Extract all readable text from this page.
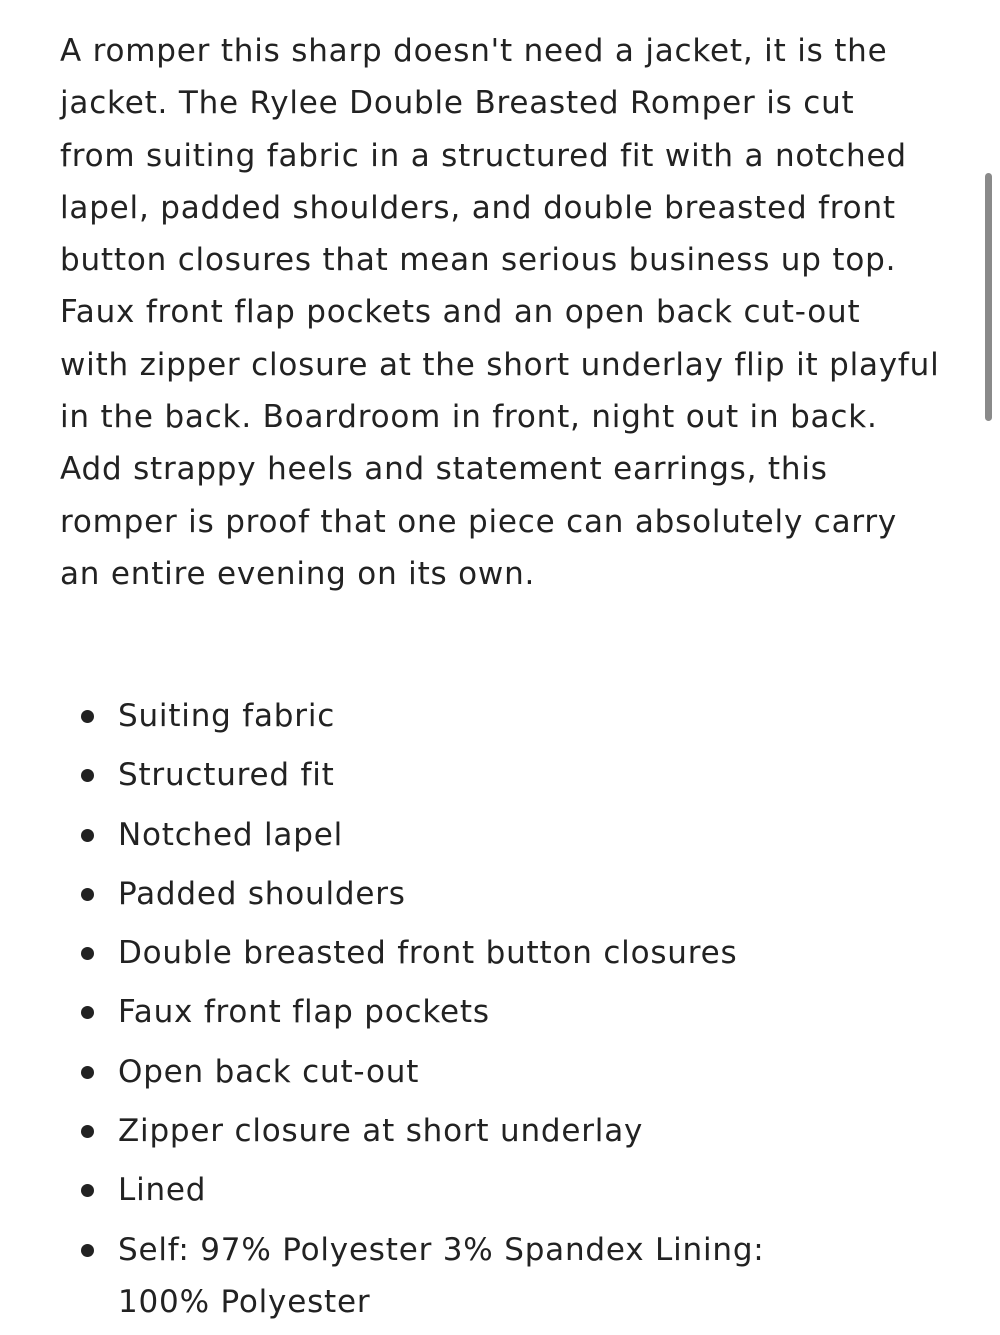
A romper this sharp doesn't need a jacket, it is the jacket. The Rylee Double Breasted Romper is cut from suiting fabric in a structured fit with a notched lapel, padded shoulders, and double breasted front button closures that mean serious business up top. Faux front flap pockets and an open back cut-out with zipper closure at the short underlay flip it playful in the back. Boardroom in front, night out in back. Add strappy heels and statement earrings, this romper is proof that one piece can absolutely carry an entire evening on its own.

Suiting fabric
Structured fit
Notched lapel
Padded shoulders
Double breasted front button closures
Faux front flap pockets
Open back cut-out
Zipper closure at short underlay
Lined
Self: 97% Polyester 3% Spandex Lining: 100% Polyester
